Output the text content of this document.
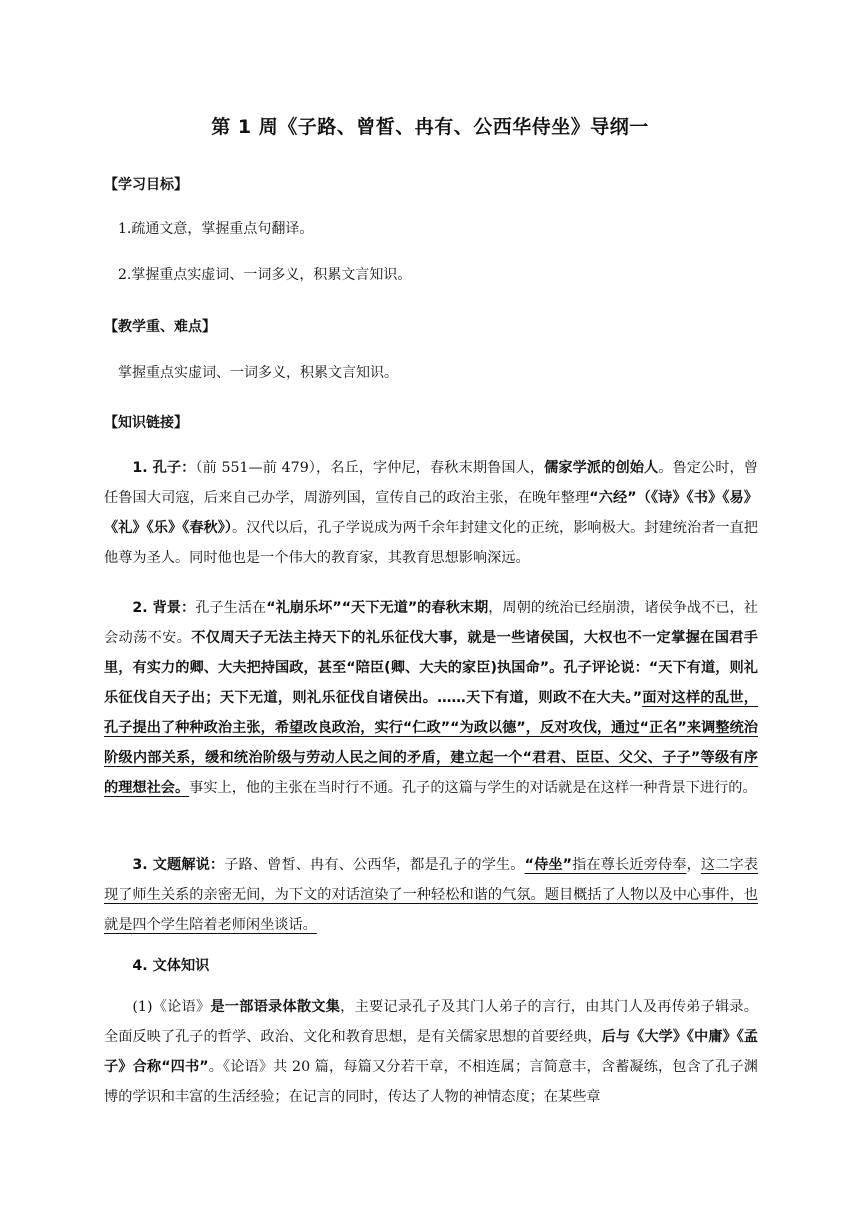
第 1 周《子路、曾皙、冉有、公西华侍坐》导纲一
【学习目标】
1.疏通文意，掌握重点句翻译。
2.掌握重点实虚词、一词多义，积累文言知识。
【教学重、难点】
掌握重点实虚词、一词多义，积累文言知识。
【知识链接】
1. 孔子：（前 551—前 479），名丘，字仲尼，春秋末期鲁国人，儒家学派的创始人。鲁定公时，曾任鲁国大司寇，后来自己办学，周游列国，宣传自己的政治主张，在晚年整理“六经”（《诗》《书》《易》《礼》《乐》《春秋》）。汉代以后，孔子学说成为两千余年封建文化的正统，影响极大。封建统治者一直把他尊为圣人。同时他也是一个伟大的教育家，其教育思想影响深远。
2. 背景：孔子生活在“礼崩乐坏”“天下无道”的春秋末期，周朝的统治已经崩溃，诸侯争战不已，社会动荡不安。不仅周天子无法主持天下的礼乐征伐大事，就是一些诸侯国，大权也不一定掌握在国君手里，有实力的卿、大夫把持国政，甚至“陪臣(卿、大夫的家臣)执国命”。孔子评论说：“天下有道，则礼乐征伐自天子出；天下无道，则礼乐征伐自诸侯出。……天下有道，则政不在大夫。”面对这样的乱世，孔子提出了种种政治主张，希望改良政治，实行“仁政”“为政以德”，反对攻伐，通过“正名”来调整统治阶级内部关系，缓和统治阶级与劳动人民之间的矛盾，建立起一个“君君、臣臣、父父、子子”等级有序的理想社会。事实上，他的主张在当时行不通。孔子的这篇与学生的对话就是在这样一种背景下进行的。
3. 文题解说：子路、曾皙、冉有、公西华，都是孔子的学生。“侍坐”指在尊长近旁侍奉，这二字表现了师生关系的亲密无间，为下文的对话渲染了一种轻松和谐的气氛。题目概括了人物以及中心事件，也就是四个学生陪着老师闲坐谈话。
4. 文体知识
(1)《论语》是一部语录体散文集，主要记录孔子及其门人弟子的言行，由其门人及再传弟子辑录。全面反映了孔子的哲学、政治、文化和教育思想，是有关儒家思想的首要经典，后与《大学》《中庸》《孟子》合称“四书”。《论语》共 20 篇，每篇又分若干章，不相连属；言简意丰，含蓄凝练，包含了孔子渊博的学识和丰富的生活经验；在记言的同时，传达了人物的神情态度；在某些章
